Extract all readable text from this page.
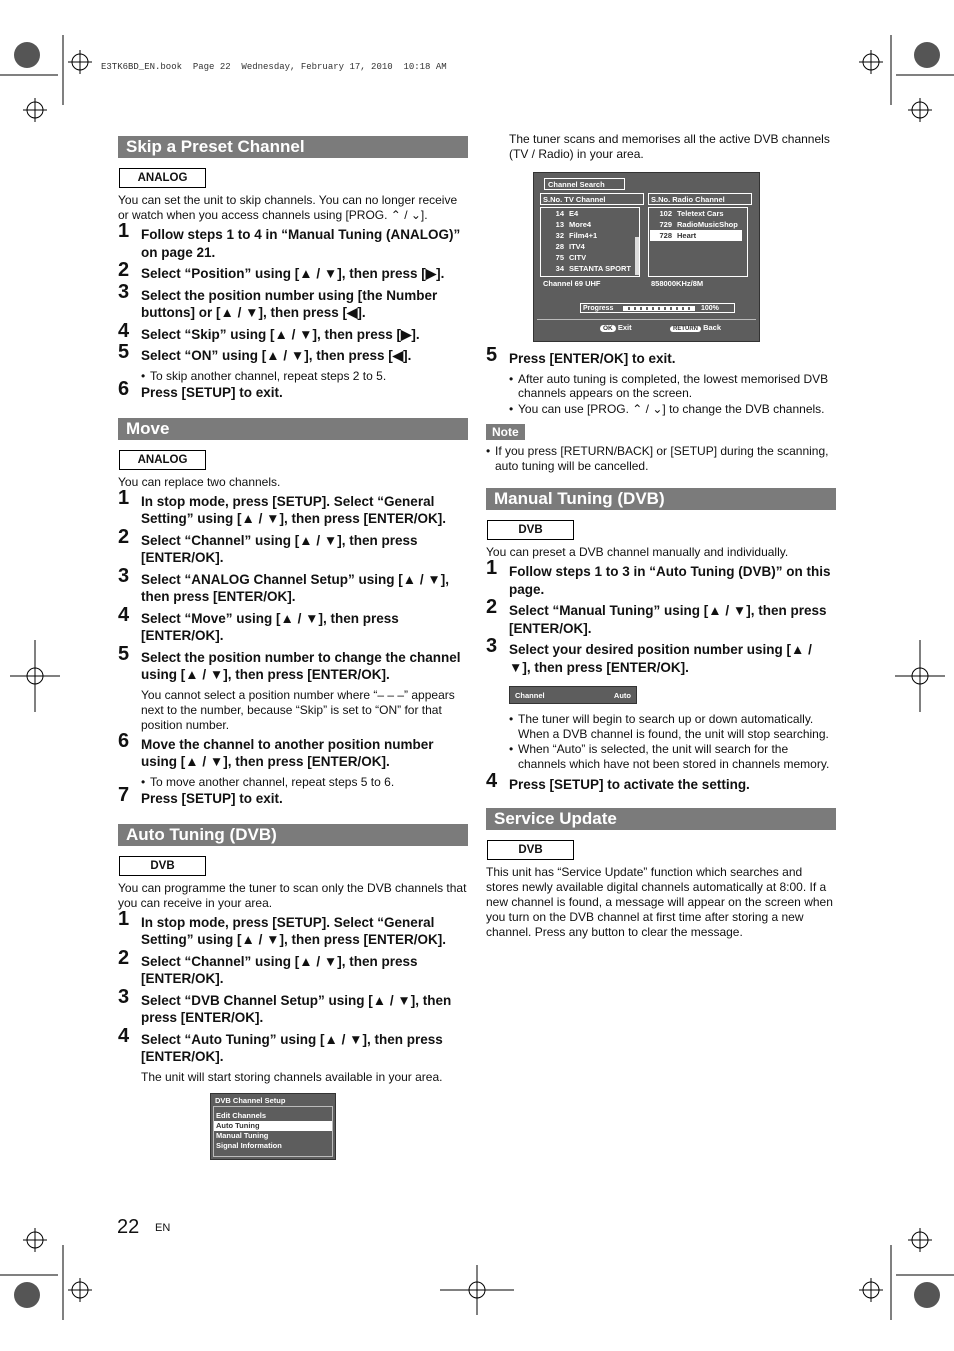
E3TK6BD_EN.book  Page 22  Wednesday, February 17, 2010  10:18 AM
Skip a Preset Channel
ANALOG
You can set the unit to skip channels. You can no longer receive or watch when you access channels using [PROG. ⌃ / ⌄].
1 Follow steps 1 to 4 in “Manual Tuning (ANALOG)” on page 21.
2 Select “Position” using [▲ / ▼], then press [▶].
3 Select the position number using [the Number buttons] or [▲ / ▼], then press [◀].
4 Select “Skip” using [▲ / ▼], then press [▶].
5 Select “ON” using [▲ / ▼], then press [◀].
• To skip another channel, repeat steps 2 to 5.
6 Press [SETUP] to exit.
Move
ANALOG
You can replace two channels.
1 In stop mode, press [SETUP]. Select “General Setting” using [▲ / ▼], then press [ENTER/OK].
2 Select “Channel” using [▲ / ▼], then press [ENTER/OK].
3 Select “ANALOG Channel Setup” using [▲ / ▼], then press [ENTER/OK].
4 Select “Move” using [▲ / ▼], then press [ENTER/OK].
5 Select the position number to change the channel using [▲ / ▼], then press [ENTER/OK].
You cannot select a position number where “– – –” appears next to the number, because “Skip” is set to “ON” for that position number.
6 Move the channel to another position number using [▲ / ▼], then press [ENTER/OK].
• To move another channel, repeat steps 5 to 6.
7 Press [SETUP] to exit.
Auto Tuning (DVB)
DVB
You can programme the tuner to scan only the DVB channels that you can receive in your area.
1 In stop mode, press [SETUP]. Select “General Setting” using [▲ / ▼], then press [ENTER/OK].
2 Select “Channel” using [▲ / ▼], then press [ENTER/OK].
3 Select “DVB Channel Setup” using [▲ / ▼], then press [ENTER/OK].
4 Select “Auto Tuning” using [▲ / ▼], then press [ENTER/OK].
The unit will start storing channels available in your area.
DVB Channel Setup
Edit Channels
Auto Tuning
Manual Tuning
Signal Information
The tuner scans and memorises all the active DVB channels (TV / Radio) in your area.
Channel Search
S.No. TV Channel	S.No. Radio Channel
14 E4
13 More4
32 Film4+1
28 ITV4
75 CITV
34 SETANTA SPORT
102 Teletext Cars
729 RadioMusicShop
728 Heart
Channel 69 UHF	858000KHz/8M
Progress	100%
OK Exit	RETURN Back
5 Press [ENTER/OK] to exit.
• After auto tuning is completed, the lowest memorised DVB channels appears on the screen.
• You can use [PROG. ⌃ / ⌄] to change the DVB channels.
Note
• If you press [RETURN/BACK] or [SETUP] during the scanning, auto tuning will be cancelled.
Manual Tuning (DVB)
DVB
You can preset a DVB channel manually and individually.
1 Follow steps 1 to 3 in “Auto Tuning (DVB)” on this page.
2 Select “Manual Tuning” using [▲ / ▼], then press [ENTER/OK].
3 Select your desired position number using [▲ / ▼], then press [ENTER/OK].
Channel	Auto
• The tuner will begin to search up or down automatically. When a DVB channel is found, the unit will stop searching.
• When “Auto” is selected, the unit will search for the channels which have not been stored in channels memory.
4 Press [SETUP] to activate the setting.
Service Update
DVB
This unit has “Service Update” function which searches and stores newly available digital channels automatically at 8:00. If a new channel is found, a message will appear on the screen when you turn on the DVB channel at first time after storing a new channel. Press any button to clear the message.
22 EN
